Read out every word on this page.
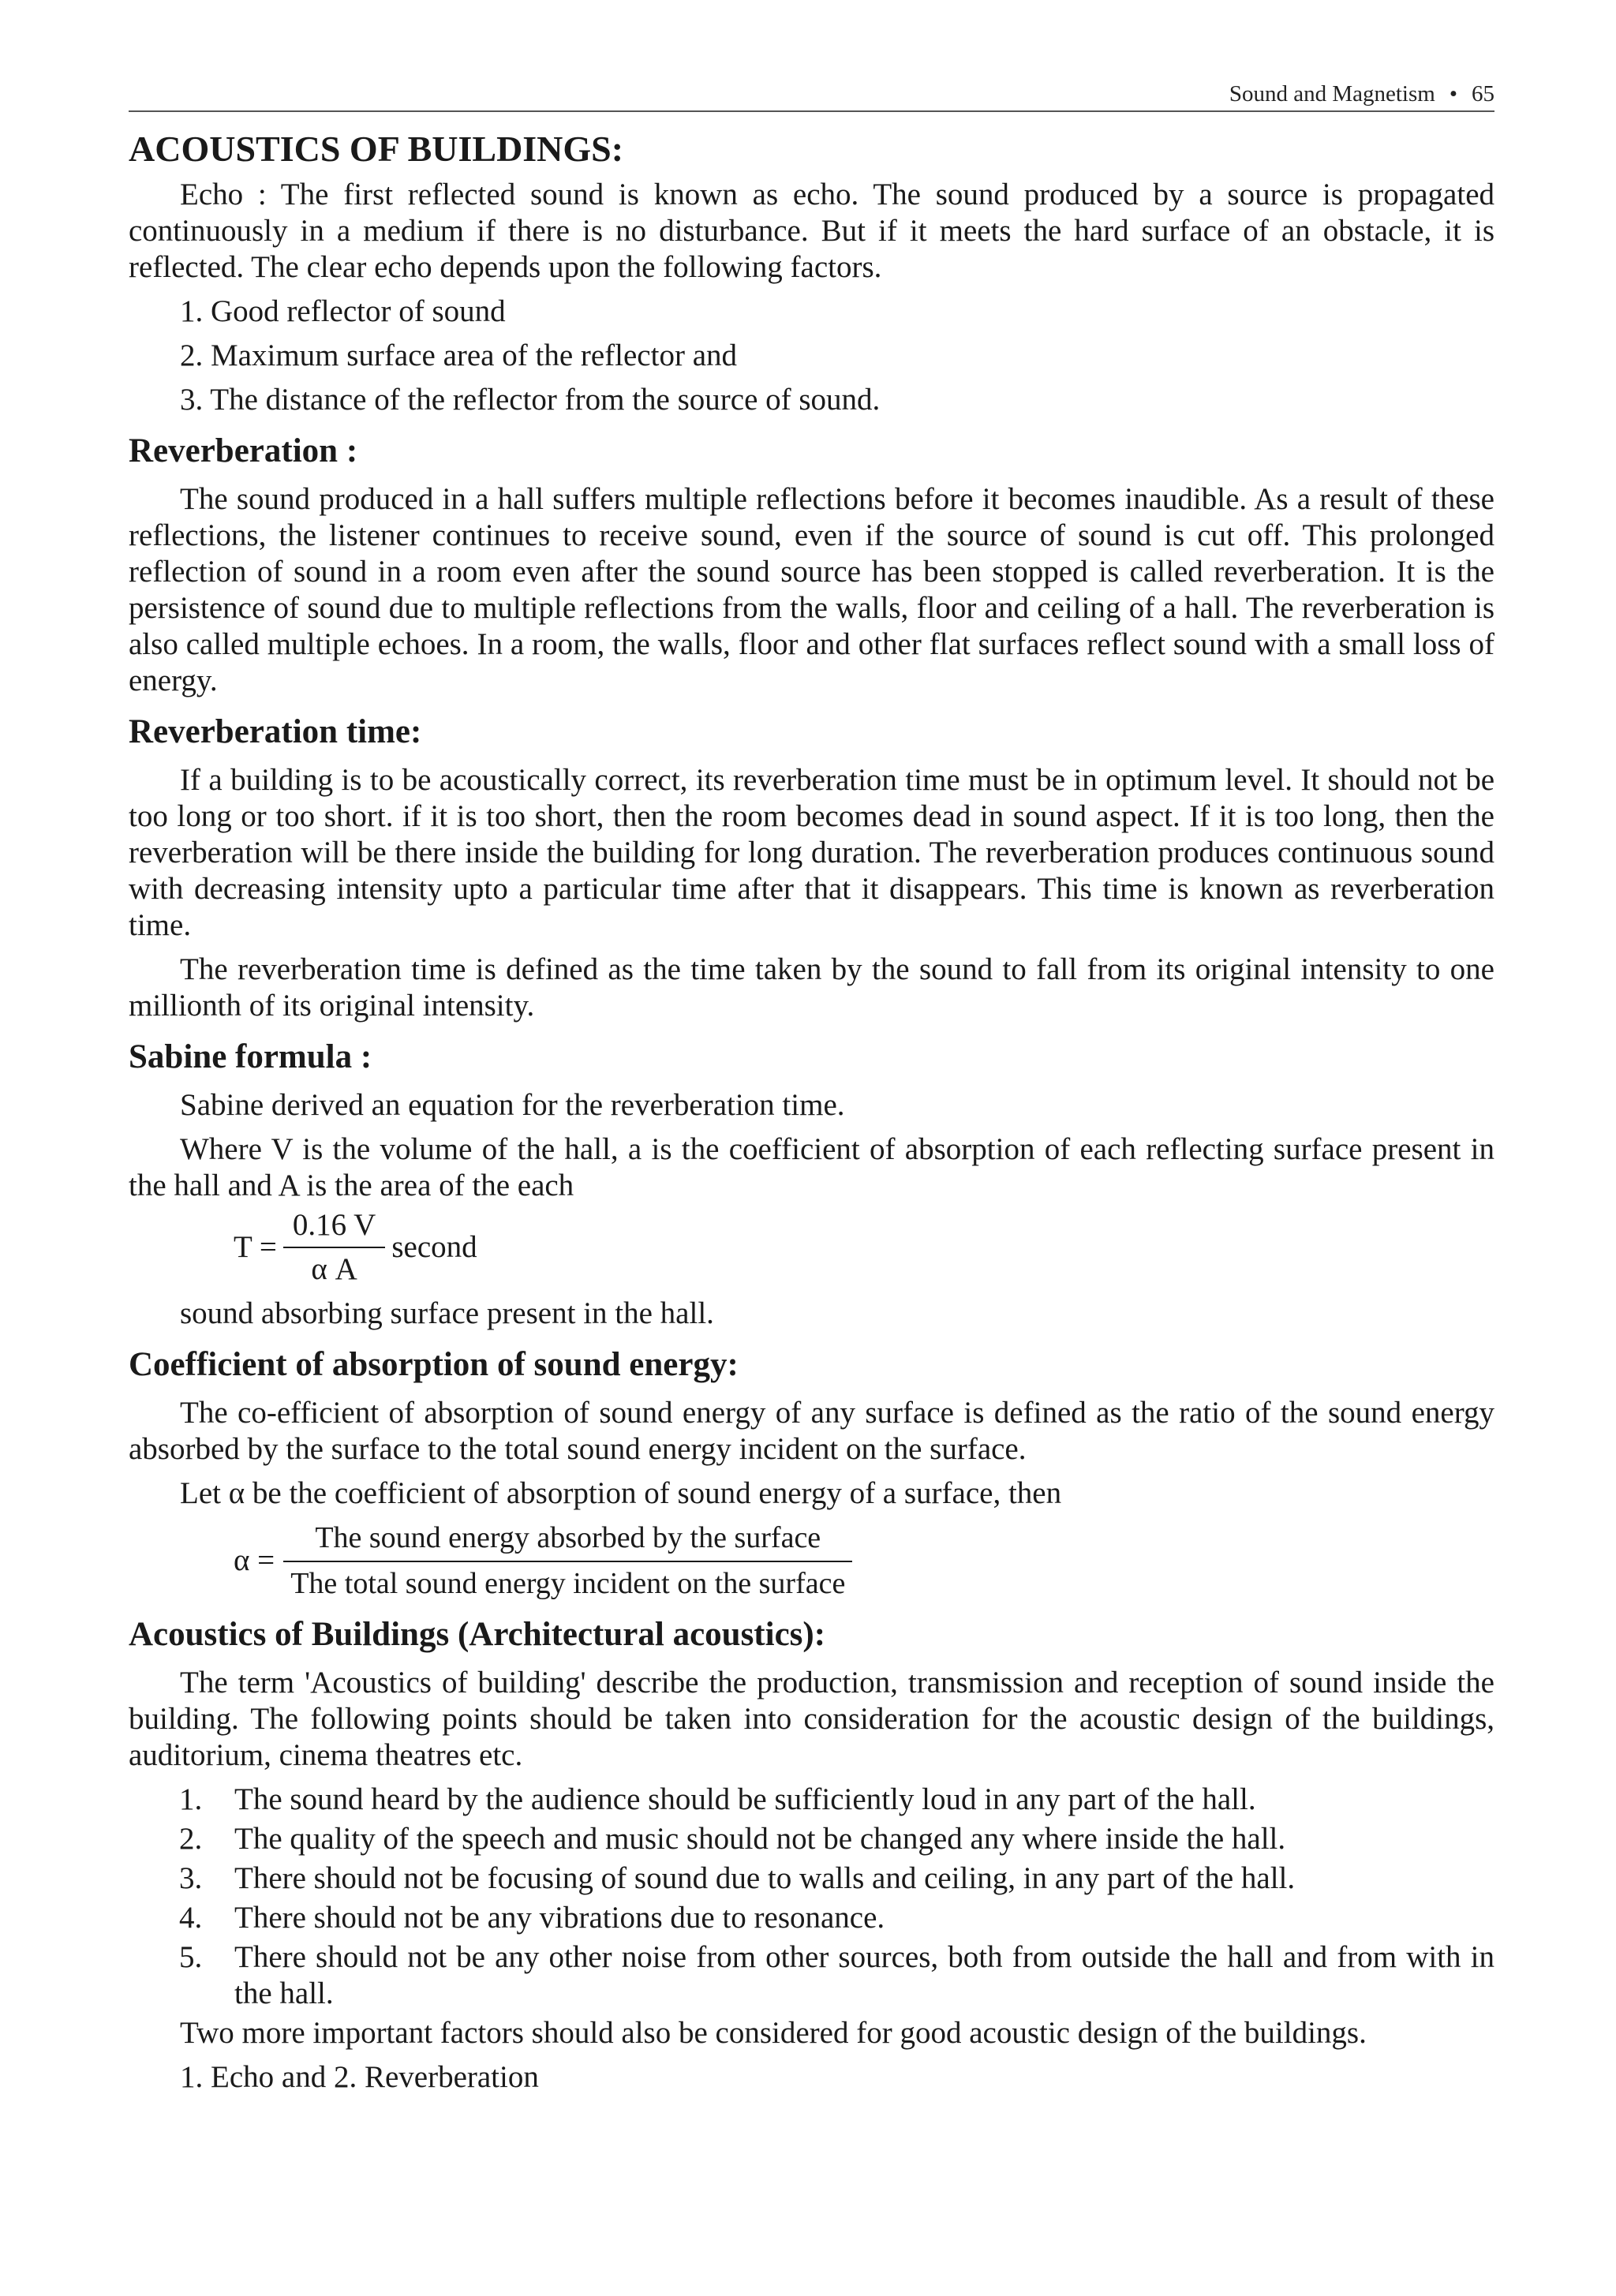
Sound and Magnetism • 65
ACOUSTICS OF BUILDINGS:

Echo : The first reflected sound is known as echo. The sound produced by a source is propagated continuously in a medium if there is no disturbance. But if it meets the hard surface of an obstacle, it is reflected. The clear echo depends upon the following factors.

1. Good reflector of sound
2. Maximum surface area of the reflector and
3. The distance of the reflector from the source of sound.
Reverberation :

The sound produced in a hall suffers multiple reflections before it becomes inaudible. As a result of these reflections, the listener continues to receive sound, even if the source of sound is cut off. This prolonged reflection of sound in a room even after the sound source has been stopped is called reverberation. It is the persistence of sound due to multiple reflections from the walls, floor and ceiling of a hall. The reverberation is also called multiple echoes. In a room, the walls, floor and other flat surfaces reflect sound with a small loss of energy.

Reverberation time:

If a building is to be acoustically correct, its reverberation time must be in optimum level. It should not be too long or too short. if it is too short, then the room becomes dead in sound aspect. If it is too long, then the reverberation will be there inside the building for long duration. The reverberation produces continuous sound with decreasing intensity upto a particular time after that it disappears. This time is known as reverberation time.

The reverberation time is defined as the time taken by the sound to fall from its original intensity to one millionth of its original intensity.

Sabine formula :

Sabine derived an equation for the reverberation time.

Where V is the volume of the hall, a is the coefficient of absorption of each reflecting surface present in the hall and A is the area of the each

$T = \frac{0.16 V}{\text{α A}}$ second

sound absorbing surface present in the hall.

Coefficient of absorption of sound energy:

The co-efficient of absorption of sound energy of any surface is defined as the ratio of the sound energy absorbed by the surface to the total sound energy incident on the surface.

Let α be the coefficient of absorption of sound energy of a surface, then

$\alpha = \frac{\text{The sound energy absorbed by the surface}}{\text{The total sound energy incident on the surface}}$
Acoustics of Buildings (Architectural acoustics):

The term 'Acoustics of building' describe the production, transmission and reception of sound inside the building. The following points should be taken into consideration for the acoustic design of the buildings, auditorium, cinema theatres etc.

1. The sound heard by the audience should be sufficiently loud in any part of the hall.
2. The quality of the speech and music should not be changed any where inside the hall.
3. There should not be focusing of sound due to walls and ceiling, in any part of the hall.
4. There should not be any vibrations due to resonance.
5. There should not be any other noise from other sources, both from outside the hall and from with in the hall.

Two more important factors should also be considered for good acoustic design of the buildings.

1. Echo and 2. Reverberation
